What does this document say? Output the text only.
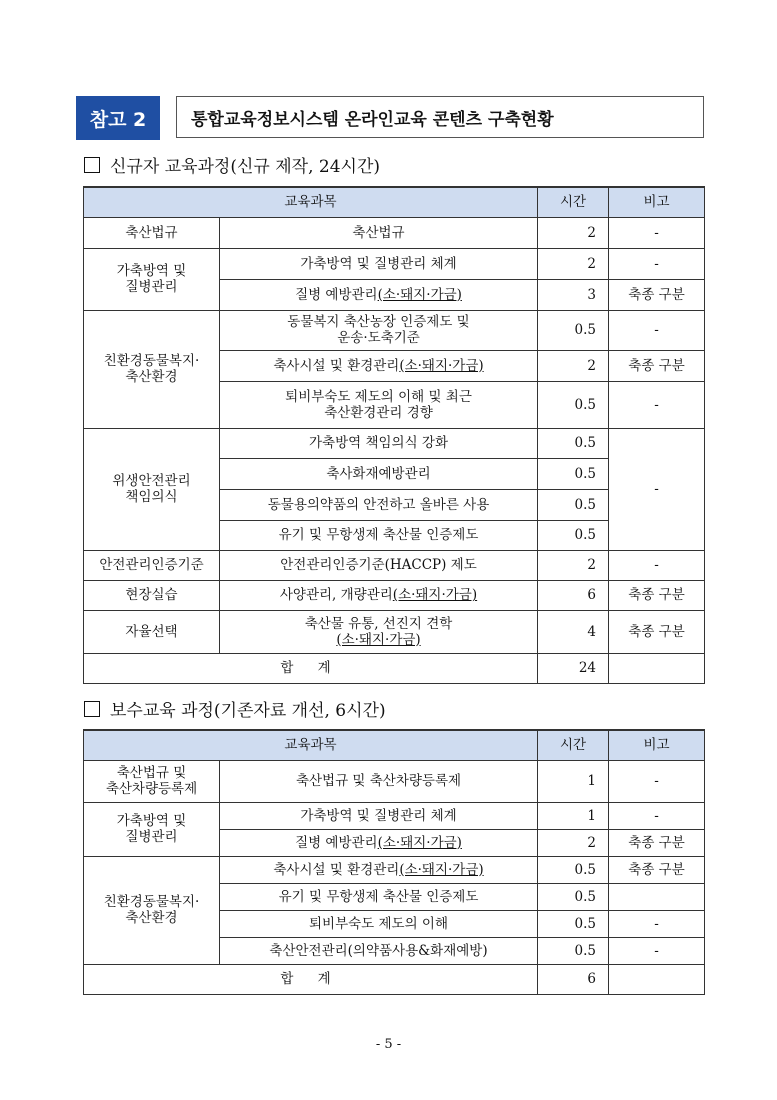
참고 2	통합교육정보시스템 온라인교육 콘텐츠 구축현황
신규자 교육과정(신규 제작, 24시간)
교육과목		시간	비고
축산법규	축산법규	2	-
가축방역 및
질병관리	가축방역 및 질병관리 체계	2	-
	질병 예방관리(소·돼지·가금)	3	축종 구분
친환경동물복지·
축산환경	동물복지 축산농장 인증제도 및
운송·도축기준	0.5	-
	축사시설 및 환경관리(소·돼지·가금)	2	축종 구분
	퇴비부숙도 제도의 이해 및 최근
축산환경관리 경향	0.5	-
위생안전관리
책임의식	가축방역 책임의식 강화	0.5	-
	축사화재예방관리	0.5	
	동물용의약품의 안전하고 올바른 사용	0.5	
	유기 및 무항생제 축산물 인증제도	0.5	
안전관리인증기준	안전관리인증기준(HACCP) 제도	2	-
현장실습	사양관리, 개량관리(소·돼지·가금)	6	축종 구분
자율선택	축산물 유통, 선진지 견학
(소·돼지·가금)	4	축종 구분
합 계		24	
보수교육 과정(기존자료 개선, 6시간)
교육과목		시간	비고
축산법규 및
축산차량등록제	축산법규 및 축산차량등록제	1	-
가축방역 및
질병관리	가축방역 및 질병관리 체계	1	-
	질병 예방관리(소·돼지·가금)	2	축종 구분
친환경동물복지·
축산환경	축사시설 및 환경관리(소·돼지·가금)	0.5	축종 구분
	유기 및 무항생제 축산물 인증제도	0.5	
	퇴비부숙도 제도의 이해	0.5	-
	축산안전관리(의약품사용&화재예방)	0.5	-
합 계		6	
- 5 -
